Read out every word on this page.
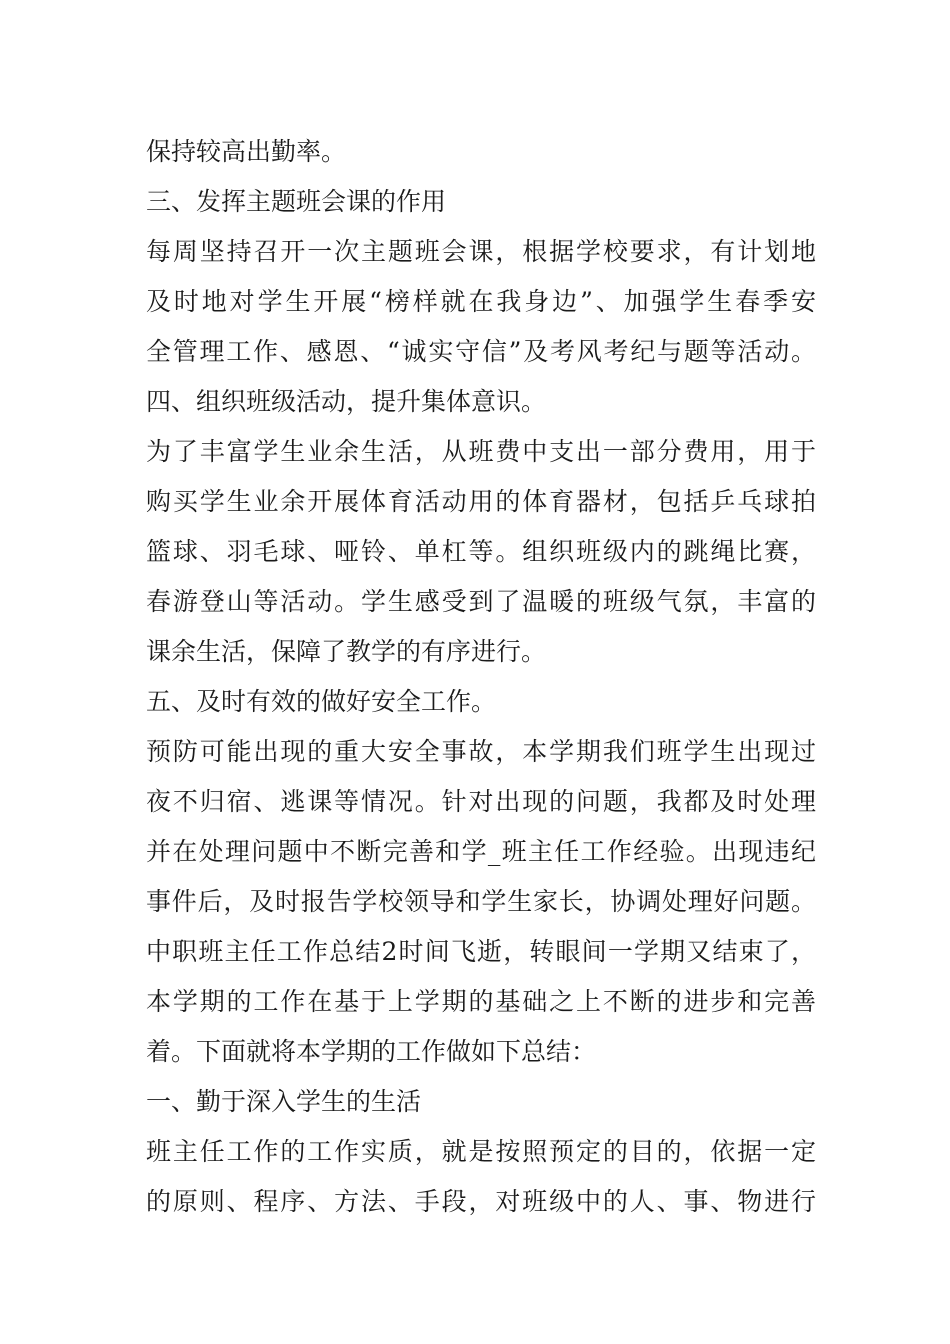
保持较高出勤率。
三、发挥主题班会课的作用
每周坚持召开一次主题班会课，根据学校要求，有计划地
及时地对学生开展“榜样就在我身边”、加强学生春季安
全管理工作、感恩、“诚实守信”及考风考纪与题等活动。
四、组织班级活动，提升集体意识。
为了丰富学生业余生活，从班费中支出一部分费用，用于
购买学生业余开展体育活动用的体育器材，包括乒乓球拍
篮球、羽毛球、哑铃、单杠等。组织班级内的跳绳比赛，
春游登山等活动。学生感受到了温暖的班级气氛，丰富的
课余生活，保障了教学的有序进行。
五、及时有效的做好安全工作。
预防可能出现的重大安全事故，本学期我们班学生出现过
夜不归宿、逃课等情况。针对出现的问题，我都及时处理
并在处理问题中不断完善和学_班主任工作经验。出现违纪
事件后，及时报告学校领导和学生家长，协调处理好问题。
中职班主任工作总结2时间飞逝，转眼间一学期又结束了，
本学期的工作在基于上学期的基础之上不断的进步和完善
着。下面就将本学期的工作做如下总结：
一、勤于深入学生的生活
班主任工作的工作实质，就是按照预定的目的，依据一定
的原则、程序、方法、手段，对班级中的人、事、物进行
